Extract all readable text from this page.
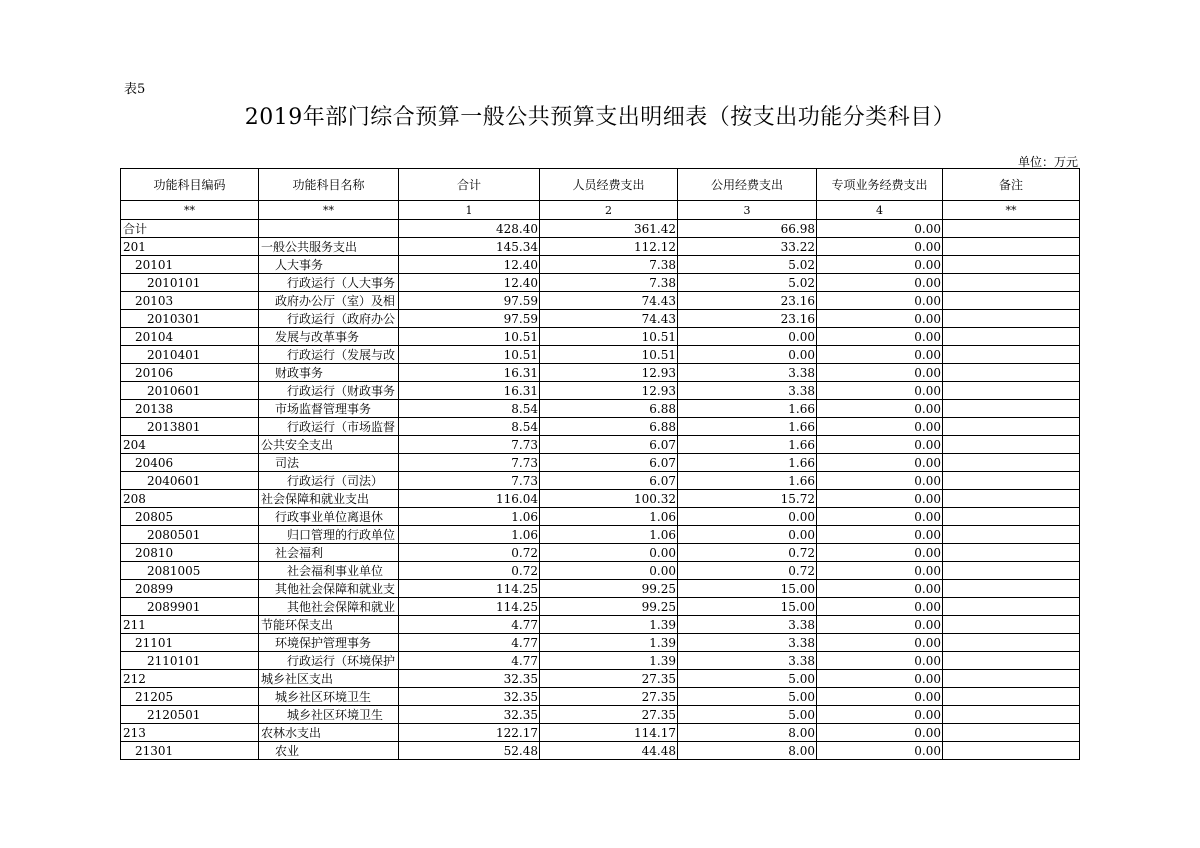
表5
2019年部门综合预算一般公共预算支出明细表（按支出功能分类科目）
单位：万元
功能科目编码	功能科目名称	合计	人员经费支出	公用经费支出	专项业务经费支出	备注
**	**	1	2	3	4	**
合计		428.40	361.42	66.98	0.00	
201	一般公共服务支出	145.34	112.12	33.22	0.00	
20101	人大事务	12.40	7.38	5.02	0.00	
2010101	行政运行（人大事务	12.40	7.38	5.02	0.00	
20103	政府办公厅（室）及相	97.59	74.43	23.16	0.00	
2010301	行政运行（政府办公	97.59	74.43	23.16	0.00	
20104	发展与改革事务	10.51	10.51	0.00	0.00	
2010401	行政运行（发展与改	10.51	10.51	0.00	0.00	
20106	财政事务	16.31	12.93	3.38	0.00	
2010601	行政运行（财政事务	16.31	12.93	3.38	0.00	
20138	市场监督管理事务	8.54	6.88	1.66	0.00	
2013801	行政运行（市场监督	8.54	6.88	1.66	0.00	
204	公共安全支出	7.73	6.07	1.66	0.00	
20406	司法	7.73	6.07	1.66	0.00	
2040601	行政运行（司法）	7.73	6.07	1.66	0.00	
208	社会保障和就业支出	116.04	100.32	15.72	0.00	
20805	行政事业单位离退休	1.06	1.06	0.00	0.00	
2080501	归口管理的行政单位	1.06	1.06	0.00	0.00	
20810	社会福利	0.72	0.00	0.72	0.00	
2081005	社会福利事业单位	0.72	0.00	0.72	0.00	
20899	其他社会保障和就业支	114.25	99.25	15.00	0.00	
2089901	其他社会保障和就业	114.25	99.25	15.00	0.00	
211	节能环保支出	4.77	1.39	3.38	0.00	
21101	环境保护管理事务	4.77	1.39	3.38	0.00	
2110101	行政运行（环境保护	4.77	1.39	3.38	0.00	
212	城乡社区支出	32.35	27.35	5.00	0.00	
21205	城乡社区环境卫生	32.35	27.35	5.00	0.00	
2120501	城乡社区环境卫生	32.35	27.35	5.00	0.00	
213	农林水支出	122.17	114.17	8.00	0.00	
21301	农业	52.48	44.48	8.00	0.00	
